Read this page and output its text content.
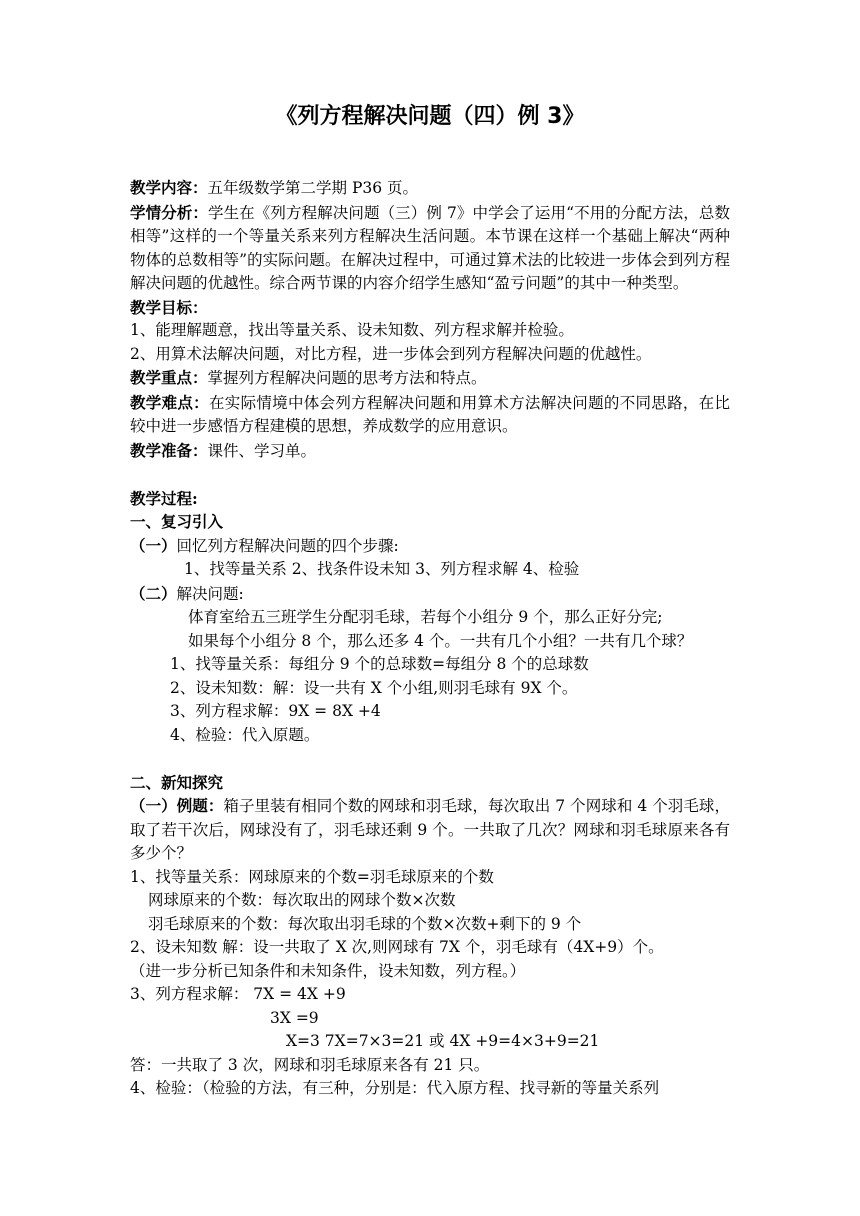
《列方程解决问题（四）例 3》

教学内容：五年级数学第二学期 P36 页。

学情分析：学生在《列方程解决问题（三）例 7》中学会了运用“不用的分配方法，总数相等”这样的一个等量关系来列方程解决生活问题。本节课在这样一个基础上解决“两种物体的总数相等”的实际问题。在解决过程中，可通过算术法的比较进一步体会到列方程解决问题的优越性。综合两节课的内容介绍学生感知“盈亏问题”的其中一种类型。

教学目标：

1、能理解题意，找出等量关系、设未知数、列方程求解并检验。

2、用算术法解决问题，对比方程，进一步体会到列方程解决问题的优越性。

教学重点：掌握列方程解决问题的思考方法和特点。

教学难点：在实际情境中体会列方程解决问题和用算术方法解决问题的不同思路，在比较中进一步感悟方程建模的思想，养成数学的应用意识。

教学准备：课件、学习单。

教学过程:

一、复习引入

（一）回忆列方程解决问题的四个步骤:

1、找等量关系 2、找条件设未知 3、列方程求解 4、检验

（二）解决问题:

体育室给五三班学生分配羽毛球，若每个小组分 9 个，那么正好分完;

如果每个小组分 8 个，那么还多 4 个。一共有几个小组？一共有几个球？

1、找等量关系：每组分 9 个的总球数=每组分 8 个的总球数

2、设未知数：解：设一共有 X 个小组,则羽毛球有 9X 个。

3、列方程求解：9X = 8X +4

4、检验：代入原题。

二、新知探究

（一）例题：箱子里装有相同个数的网球和羽毛球，每次取出 7 个网球和 4 个羽毛球，取了若干次后，网球没有了，羽毛球还剩 9 个。一共取了几次？网球和羽毛球原来各有多少个？

1、找等量关系：网球原来的个数=羽毛球原来的个数

网球原来的个数：每次取出的网球个数×次数

羽毛球原来的个数：每次取出羽毛球的个数×次数+剩下的 9 个

2、设未知数 解：设一共取了 X 次,则网球有 7X 个，羽毛球有（4X+9）个。

（进一步分析已知条件和未知条件，设未知数，列方程。）

3、列方程求解： 7X = 4X +9

3X =9

X=3 7X=7×3=21 或 4X +9=4×3+9=21

答：一共取了 3 次，网球和羽毛球原来各有 21 只。

4、检验：（检验的方法，有三种，分别是：代入原方程、找寻新的等量关系列
